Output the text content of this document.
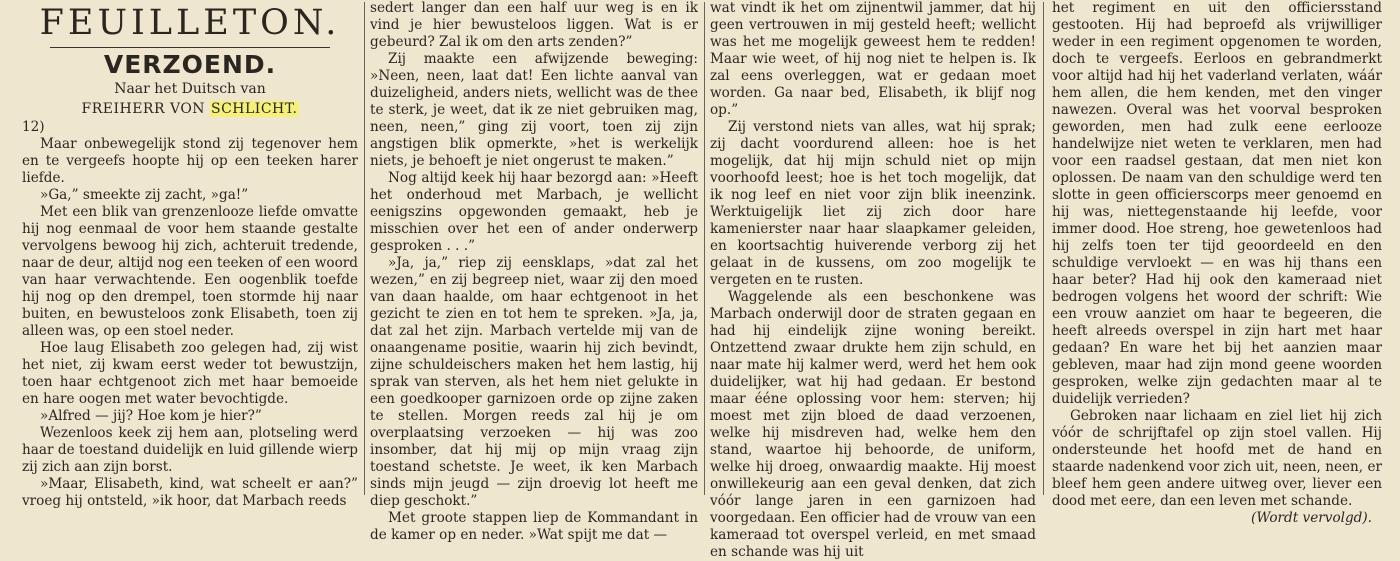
FEUILLETON.
VERZOEND.
Naar het Duitsch van
FREIHERR VON SCHLICHT.

12)

Maar onbewegelijk stond zij tegenover hem en te vergeefs hoopte hij op een teeken harer liefde.

»Ga,” smeekte zij zacht, »ga!”

Met een blik van grenzenlooze liefde omvatte hij nog eenmaal de voor hem staande gestalte vervolgens bewoog hij zich, achteruit tredende, naar de deur, altijd nog een teeken of een woord van haar verwachtende. Een oogenblik toefde hij nog op den drempel, toen stormde hij naar buiten, en bewusteloos zonk Elisabeth, toen zij alleen was, op een stoel neder.

Hoe laug Elisabeth zoo gelegen had, zij wist het niet, zij kwam eerst weder tot bewustzijn, toen haar echtgenoot zich met haar bemoeide en hare oogen met water bevochtigde.

»Alfred — jij? Hoe kom je hier?”

Wezenloos keek zij hem aan, plotseling werd haar de toestand duidelijk en luid gillende wierp zij zich aan zijn borst.

»Maar, Elisabeth, kind, wat scheelt er aan?” vroeg hij ontsteld, »ik hoor, dat Marbach reeds

sedert langer dan een half uur weg is en ik vind je hier bewusteloos liggen. Wat is er gebeurd? Zal ik om den arts zenden?”

Zij maakte een afwijzende beweging: »Neen, neen, laat dat! Een lichte aanval van duizeligheid, anders niets, wellicht was de thee te sterk, je weet, dat ik ze niet gebruiken mag, neen, neen,” ging zij voort, toen zij zijn angstigen blik opmerkte, »het is werkelijk niets, je behoeft je niet ongerust te maken.”

Nog altijd keek hij haar bezorgd aan: »Heeft het onderhoud met Marbach, je wellicht eenigszins opgewonden gemaakt, heb je misschien over het een of ander onderwerp gesproken . . .”

»Ja, ja,” riep zij eensklaps, »dat zal het wezen,” en zij begreep niet, waar zij den moed van daan haalde, om haar echtgenoot in het gezicht te zien en tot hem te spreken. »Ja, ja, dat zal het zijn. Marbach vertelde mij van de onaangename positie, waarin hij zich bevindt, zijne schuldeischers maken het hem lastig, hij sprak van sterven, als het hem niet gelukte in een goedkooper garnizoen orde op zijne zaken te stellen. Morgen reeds zal hij je om overplaatsing verzoeken — hij was zoo insomber, dat hij mij op mijn vraag zijn toestand schetste. Je weet, ik ken Marbach sinds mijn jeugd — zijn droevig lot heeft me diep geschokt.”

Met groote stappen liep de Kommandant in de kamer op en neder. »Wat spijt me dat —

wat vindt ik het om zijnentwil jammer, dat hij geen vertrouwen in mij gesteld heeft; wellicht was het me mogelijk geweest hem te redden! Maar wie weet, of hij nog niet te helpen is. Ik zal eens overleggen, wat er gedaan moet worden. Ga naar bed, Elisabeth, ik blijf nog op.”

Zij verstond niets van alles, wat hij sprak; zij dacht voordurend alleen: hoe is het mogelijk, dat hij mijn schuld niet op mijn voorhoofd leest; hoe is het toch mogelijk, dat ik nog leef en niet voor zijn blik ineenzink. Werktuigelijk liet zij zich door hare kamenierster naar haar slaapkamer geleiden, en koortsachtig huiverende verborg zij het gelaat in de kussens, om zoo mogelijk te vergeten en te rusten.

Waggelende als een beschonkene was Marbach onderwijl door de straten gegaan en had hij eindelijk zijne woning bereikt. Ontzettend zwaar drukte hem zijn schuld, en naar mate hij kalmer werd, werd het hem ook duidelijker, wat hij had gedaan. Er bestond maar ééne oplossing voor hem: sterven; hij moest met zijn bloed de daad verzoenen, welke hij misdreven had, welke hem den stand, waartoe hij behoorde, de uniform, welke hij droeg, onwaardig maakte. Hij moest onwillekeurig aan een geval denken, dat zich vóór lange jaren in een garnizoen had voorgedaan. Een officier had de vrouw van een kameraad tot overspel verleid, en met smaad en schande was hij uit

het regiment en uit den officiersstand gestooten. Hij had beproefd als vrijwilliger weder in een regiment opgenomen te worden, doch te vergeefs. Eerloos en gebrandmerkt voor altijd had hij het vaderland verlaten, wáár hem allen, die hem kenden, met den vinger nawezen. Overal was het voorval besproken geworden, men had zulk eene eerlooze handelwijze niet weten te verklaren, men had voor een raadsel gestaan, dat men niet kon oplossen. De naam van den schuldige werd ten slotte in geen officierscorps meer genoemd en hij was, niettegenstaande hij leefde, voor immer dood. Hoe streng, hoe gewetenloos had hij zelfs toen ter tijd geoordeeld en den schuldige vervloekt — en was hij thans een haar beter? Had hij ook den kameraad niet bedrogen volgens het woord der schrift: Wie een vrouw aanziet om haar te begeeren, die heeft alreeds overspel in zijn hart met haar gedaan? En ware het bij het aanzien maar gebleven, maar had zijn mond geene woorden gesproken, welke zijn gedachten maar al te duidelijk verrieden?

Gebroken naar lichaam en ziel liet hij zich vóór de schrijftafel op zijn stoel vallen. Hij ondersteunde het hoofd met de hand en staarde nadenkend voor zich uit, neen, neen, er bleef hem geen andere uitweg over, liever een dood met eere, dan een leven met schande.

(Wordt vervolgd).
